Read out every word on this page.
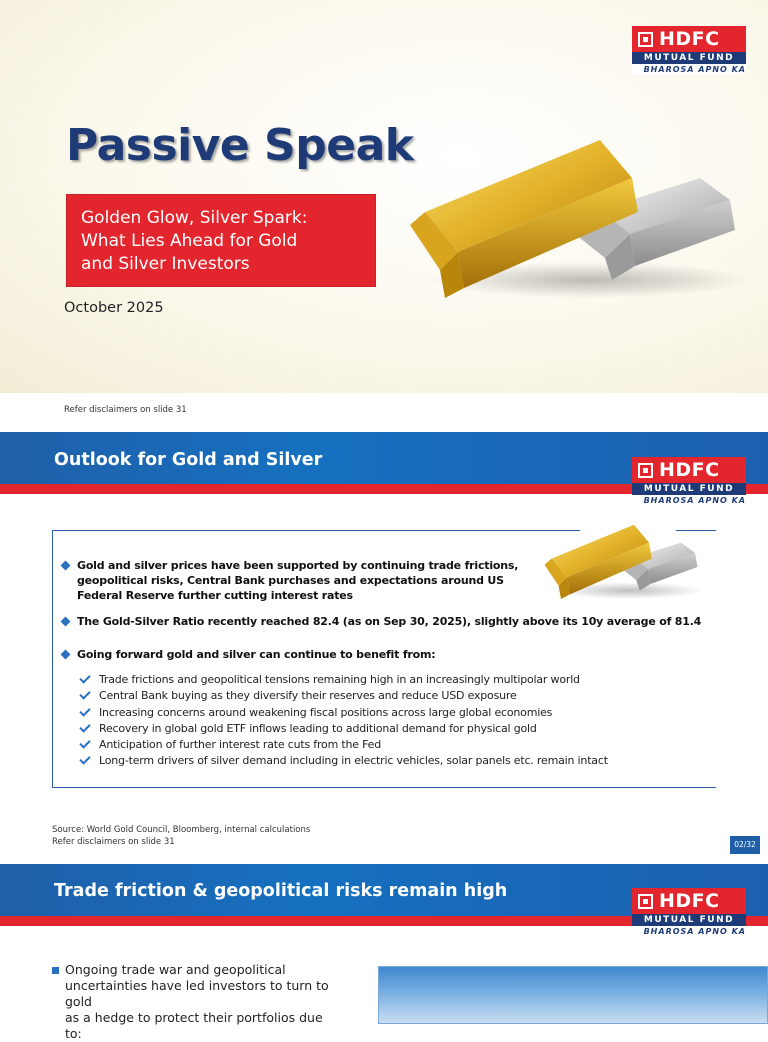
HDFC
MUTUAL FUND
BHAROSA APNO KA
Passive Speak
Golden Glow, Silver Spark:
What Lies Ahead for Gold
and Silver Investors
October 2025
Refer disclaimers on slide 31
Outlook for Gold and Silver	HDFC
MUTUAL FUND
BHAROSA APNO KA
Gold and silver prices have been supported by continuing trade frictions,
geopolitical risks, Central Bank purchases and expectations around US
Federal Reserve further cutting interest rates
The Gold-Silver Ratio recently reached 82.4 (as on Sep 30, 2025), slightly above its 10y average of 81.4
Going forward gold and silver can continue to benefit from:
Trade frictions and geopolitical tensions remaining high in an increasingly multipolar world
Central Bank buying as they diversify their reserves and reduce USD exposure
Increasing concerns around weakening fiscal positions across large global economies
Recovery in global gold ETF inflows leading to additional demand for physical gold
Anticipation of further interest rate cuts from the Fed
Long-term drivers of silver demand including in electric vehicles, solar panels etc. remain intact
Source: World Gold Council, Bloomberg, internal calculations
Refer disclaimers on slide 31	02/32
Trade friction & geopolitical risks remain high	HDFC
MUTUAL FUND
BHAROSA APNO KA
Ongoing trade war and geopolitical
uncertainties have led investors to turn to gold
as a hedge to protect their portfolios due to:
